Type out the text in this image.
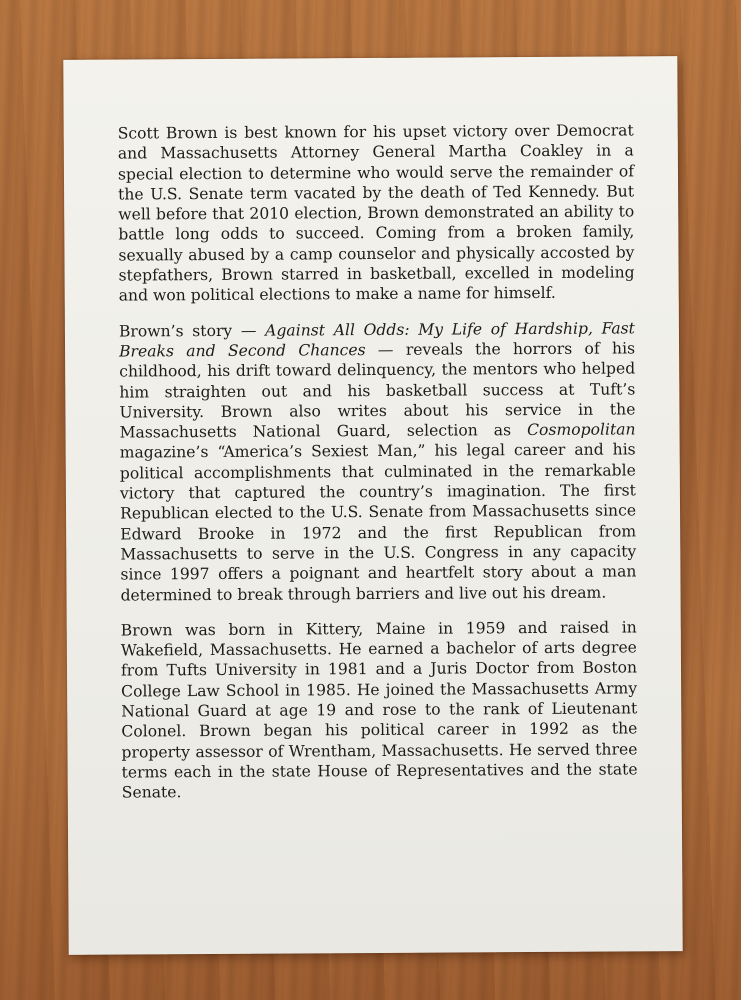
Scott Brown is best known for his upset victory over Democrat and Massachusetts Attorney General Martha Coakley in a special election to determine who would serve the remainder of the U.S. Senate term vacated by the death of Ted Kennedy. But well before that 2010 election, Brown demonstrated an ability to battle long odds to succeed. Coming from a broken family, sexually abused by a camp counselor and physically accosted by stepfathers, Brown starred in basketball, excelled in modeling and won political elections to make a name for himself.

Brown’s story — Against All Odds: My Life of Hardship, Fast Breaks and Second Chances — reveals the horrors of his childhood, his drift toward delinquency, the mentors who helped him straighten out and his basketball success at Tuft’s University. Brown also writes about his service in the Massachusetts National Guard, selection as Cosmopolitan magazine’s “America’s Sexiest Man,” his legal career and his political accomplishments that culminated in the remarkable victory that captured the country’s imagination. The first Republican elected to the U.S. Senate from Massachusetts since Edward Brooke in 1972 and the first Republican from Massachusetts to serve in the U.S. Congress in any capacity since 1997 offers a poignant and heartfelt story about a man determined to break through barriers and live out his dream.

Brown was born in Kittery, Maine in 1959 and raised in Wakefield, Massachusetts. He earned a bachelor of arts degree from Tufts University in 1981 and a Juris Doctor from Boston College Law School in 1985. He joined the Massachusetts Army National Guard at age 19 and rose to the rank of Lieutenant Colonel. Brown began his political career in 1992 as the property assessor of Wrentham, Massachusetts. He served three terms each in the state House of Representatives and the state Senate.
